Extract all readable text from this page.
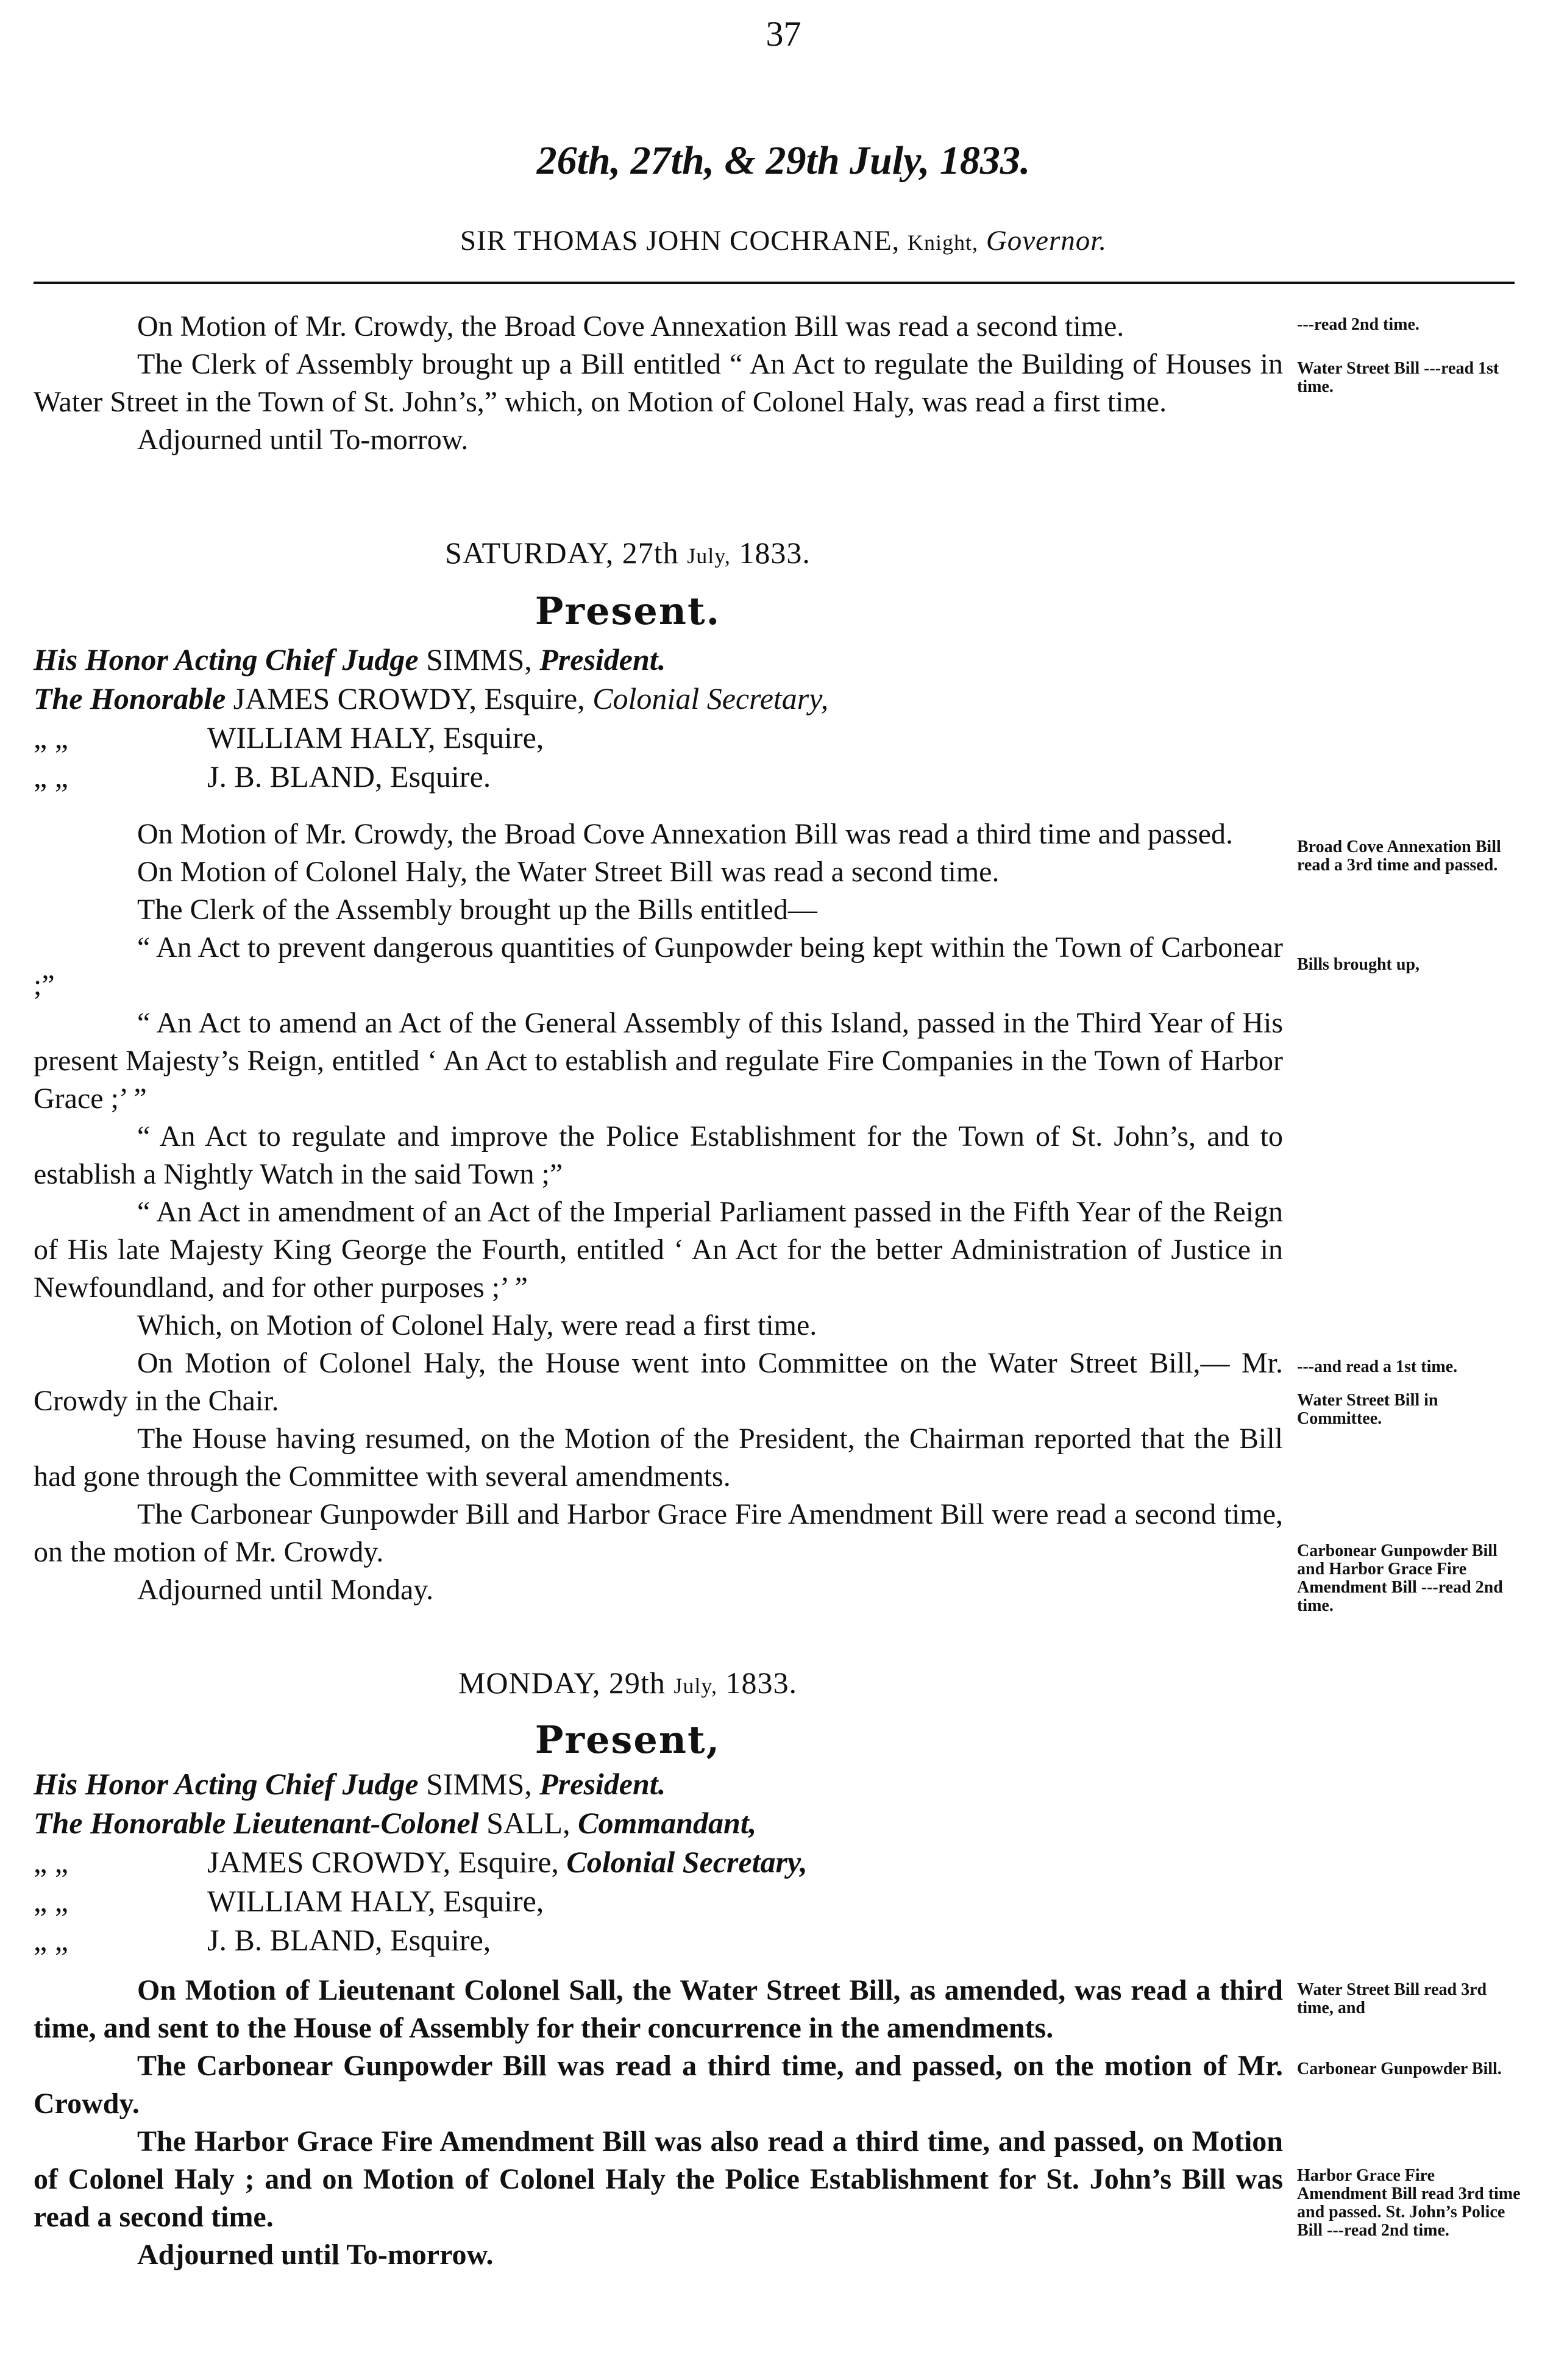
37
26th, 27th, & 29th July, 1833.
SIR THOMAS JOHN COCHRANE, Knight, Governor.

On Motion of Mr. Crowdy, the Broad Cove Annexation Bill was read a second time.

The Clerk of Assembly brought up a Bill entitled “ An Act to regulate the Building of Houses in Water Street in the Town of St. John’s,” which, on Motion of Colonel Haly, was read a first time.

Adjourned until To-morrow.

---read 2nd time.
Water Street Bill ---read 1st time.
SATURDAY, 27th July, 1833.
Present.
His Honor Acting Chief Judge SIMMS, President.
The Honorable JAMES CROWDY, Esquire, Colonial Secretary,
„ „	WILLIAM HALY, Esquire,
„ „	J. B. BLAND, Esquire.

On Motion of Mr. Crowdy, the Broad Cove Annexation Bill was read a third time and passed.

On Motion of Colonel Haly, the Water Street Bill was read a second time.

The Clerk of the Assembly brought up the Bills entitled—

“ An Act to prevent dangerous quantities of Gunpowder being kept within the Town of Carbonear ;”

“ An Act to amend an Act of the General Assembly of this Island, passed in the Third Year of His present Majesty’s Reign, entitled ‘ An Act to establish and regulate Fire Companies in the Town of Harbor Grace ;’ ”

“ An Act to regulate and improve the Police Establishment for the Town of St. John’s, and to establish a Nightly Watch in the said Town ;”

“ An Act in amendment of an Act of the Imperial Parliament passed in the Fifth Year of the Reign of His late Majesty King George the Fourth, entitled ‘ An Act for the better Administration of Justice in Newfoundland, and for other purposes ;’ ”

Which, on Motion of Colonel Haly, were read a first time.

On Motion of Colonel Haly, the House went into Committee on the Water Street Bill,— Mr. Crowdy in the Chair.

The House having resumed, on the Motion of the President, the Chairman reported that the Bill had gone through the Committee with several amendments.

The Carbonear Gunpowder Bill and Harbor Grace Fire Amendment Bill were read a second time, on the motion of Mr. Crowdy.

Adjourned until Monday.

Broad Cove Annexation Bill read a 3rd time and passed.
Bills brought up,
---and read a 1st time.
Water Street Bill in Committee.
Carbonear Gunpowder Bill and Harbor Grace Fire Amendment Bill ---read 2nd time.
MONDAY, 29th July, 1833.
Present,
His Honor Acting Chief Judge SIMMS, President.
The Honorable Lieutenant-Colonel SALL, Commandant,
„ „	JAMES CROWDY, Esquire, Colonial Secretary,
„ „	WILLIAM HALY, Esquire,
„ „	J. B. BLAND, Esquire,

On Motion of Lieutenant Colonel Sall, the Water Street Bill, as amended, was read a third time, and sent to the House of Assembly for their concurrence in the amendments.

The Carbonear Gunpowder Bill was read a third time, and passed, on the motion of Mr. Crowdy.

The Harbor Grace Fire Amendment Bill was also read a third time, and passed, on Motion of Colonel Haly ; and on Motion of Colonel Haly the Police Establishment for St. John’s Bill was read a second time.

Adjourned until To-morrow.

Water Street Bill read 3rd time, and
Carbonear Gunpowder Bill.
Harbor Grace Fire Amendment Bill read 3rd time and passed. St. John’s Police Bill ---read 2nd time.
